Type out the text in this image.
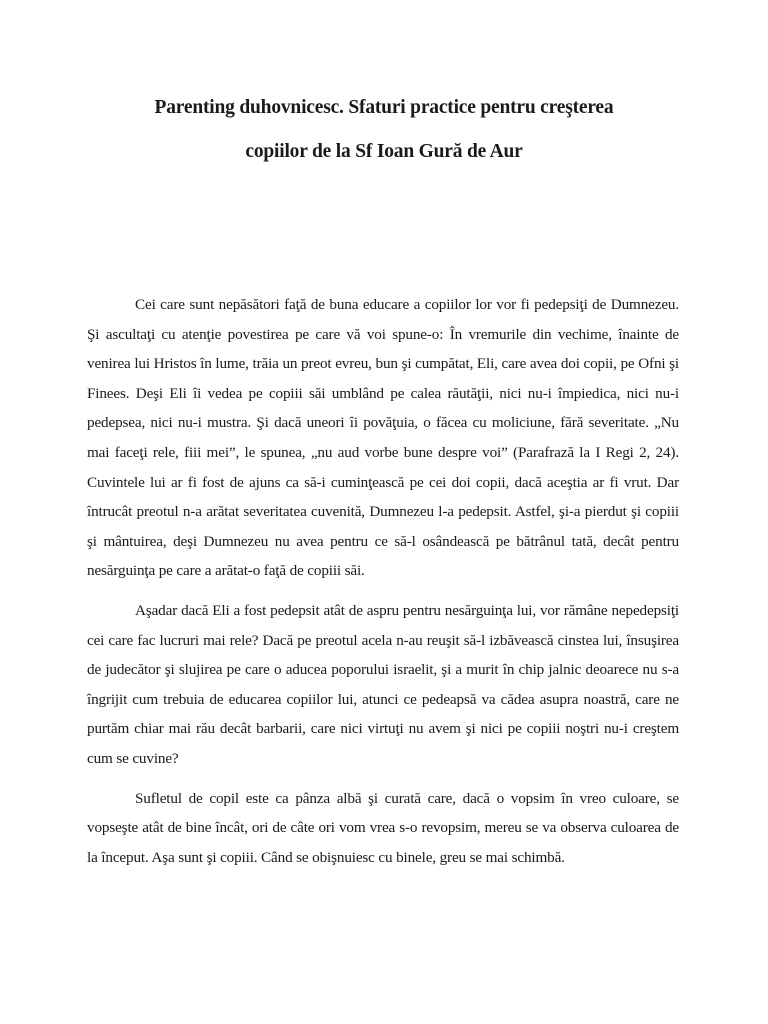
Parenting duhovnicesc. Sfaturi practice pentru creşterea
copiilor de la Sf Ioan Gură de Aur

Cei care sunt nepăsători faţă de buna educare a copiilor lor vor fi pedepsiţi de Dumnezeu. Şi ascultaţi cu atenţie povestirea pe care vă voi spune-o: În vremurile din vechime, înainte de venirea lui Hristos în lume, trăia un preot evreu, bun şi cumpătat, Eli, care avea doi copii, pe Ofni şi Finees. Deşi Eli îi vedea pe copiii săi umblând pe calea răutăţii, nici nu-i împiedica, nici nu-i pedepsea, nici nu-i mustra. Şi dacă uneori îi povăţuia, o făcea cu moliciune, fără severitate. „Nu mai faceţi rele, fiii mei”, le spunea, „nu aud vorbe bune despre voi” (Parafrază la I Regi 2, 24). Cuvintele lui ar fi fost de ajuns ca să-i cuminţească pe cei doi copii, dacă aceştia ar fi vrut. Dar întrucât preotul n-a arătat severitatea cuvenită, Dumnezeu l-a pedepsit. Astfel, şi-a pierdut şi copiii şi mântuirea, deşi Dumnezeu nu avea pentru ce să-l osândească pe bătrânul tată, decât pentru nesărguinţa pe care a arătat-o faţă de copiii săi.

Aşadar dacă Eli a fost pedepsit atât de aspru pentru nesărguinţa lui, vor rămâne nepedepsiţi cei care fac lucruri mai rele? Dacă pe preotul acela n-au reuşit să-l izbăvească cinstea lui, însuşirea de judecător şi slujirea pe care o aducea poporului israelit, şi a murit în chip jalnic deoarece nu s-a îngrijit cum trebuia de educarea copiilor lui, atunci ce pedeapsă va cădea asupra noastră, care ne purtăm chiar mai rău decât barbarii, care nici virtuţi nu avem şi nici pe copiii noştri nu-i creştem cum se cuvine?

Sufletul de copil este ca pânza albă şi curată care, dacă o vopsim în vreo culoare, se vopseşte atât de bine încât, ori de câte ori vom vrea s-o revopsim, mereu se va observa culoarea de la început. Aşa sunt şi copiii. Când se obişnuiesc cu binele, greu se mai schimbă.
